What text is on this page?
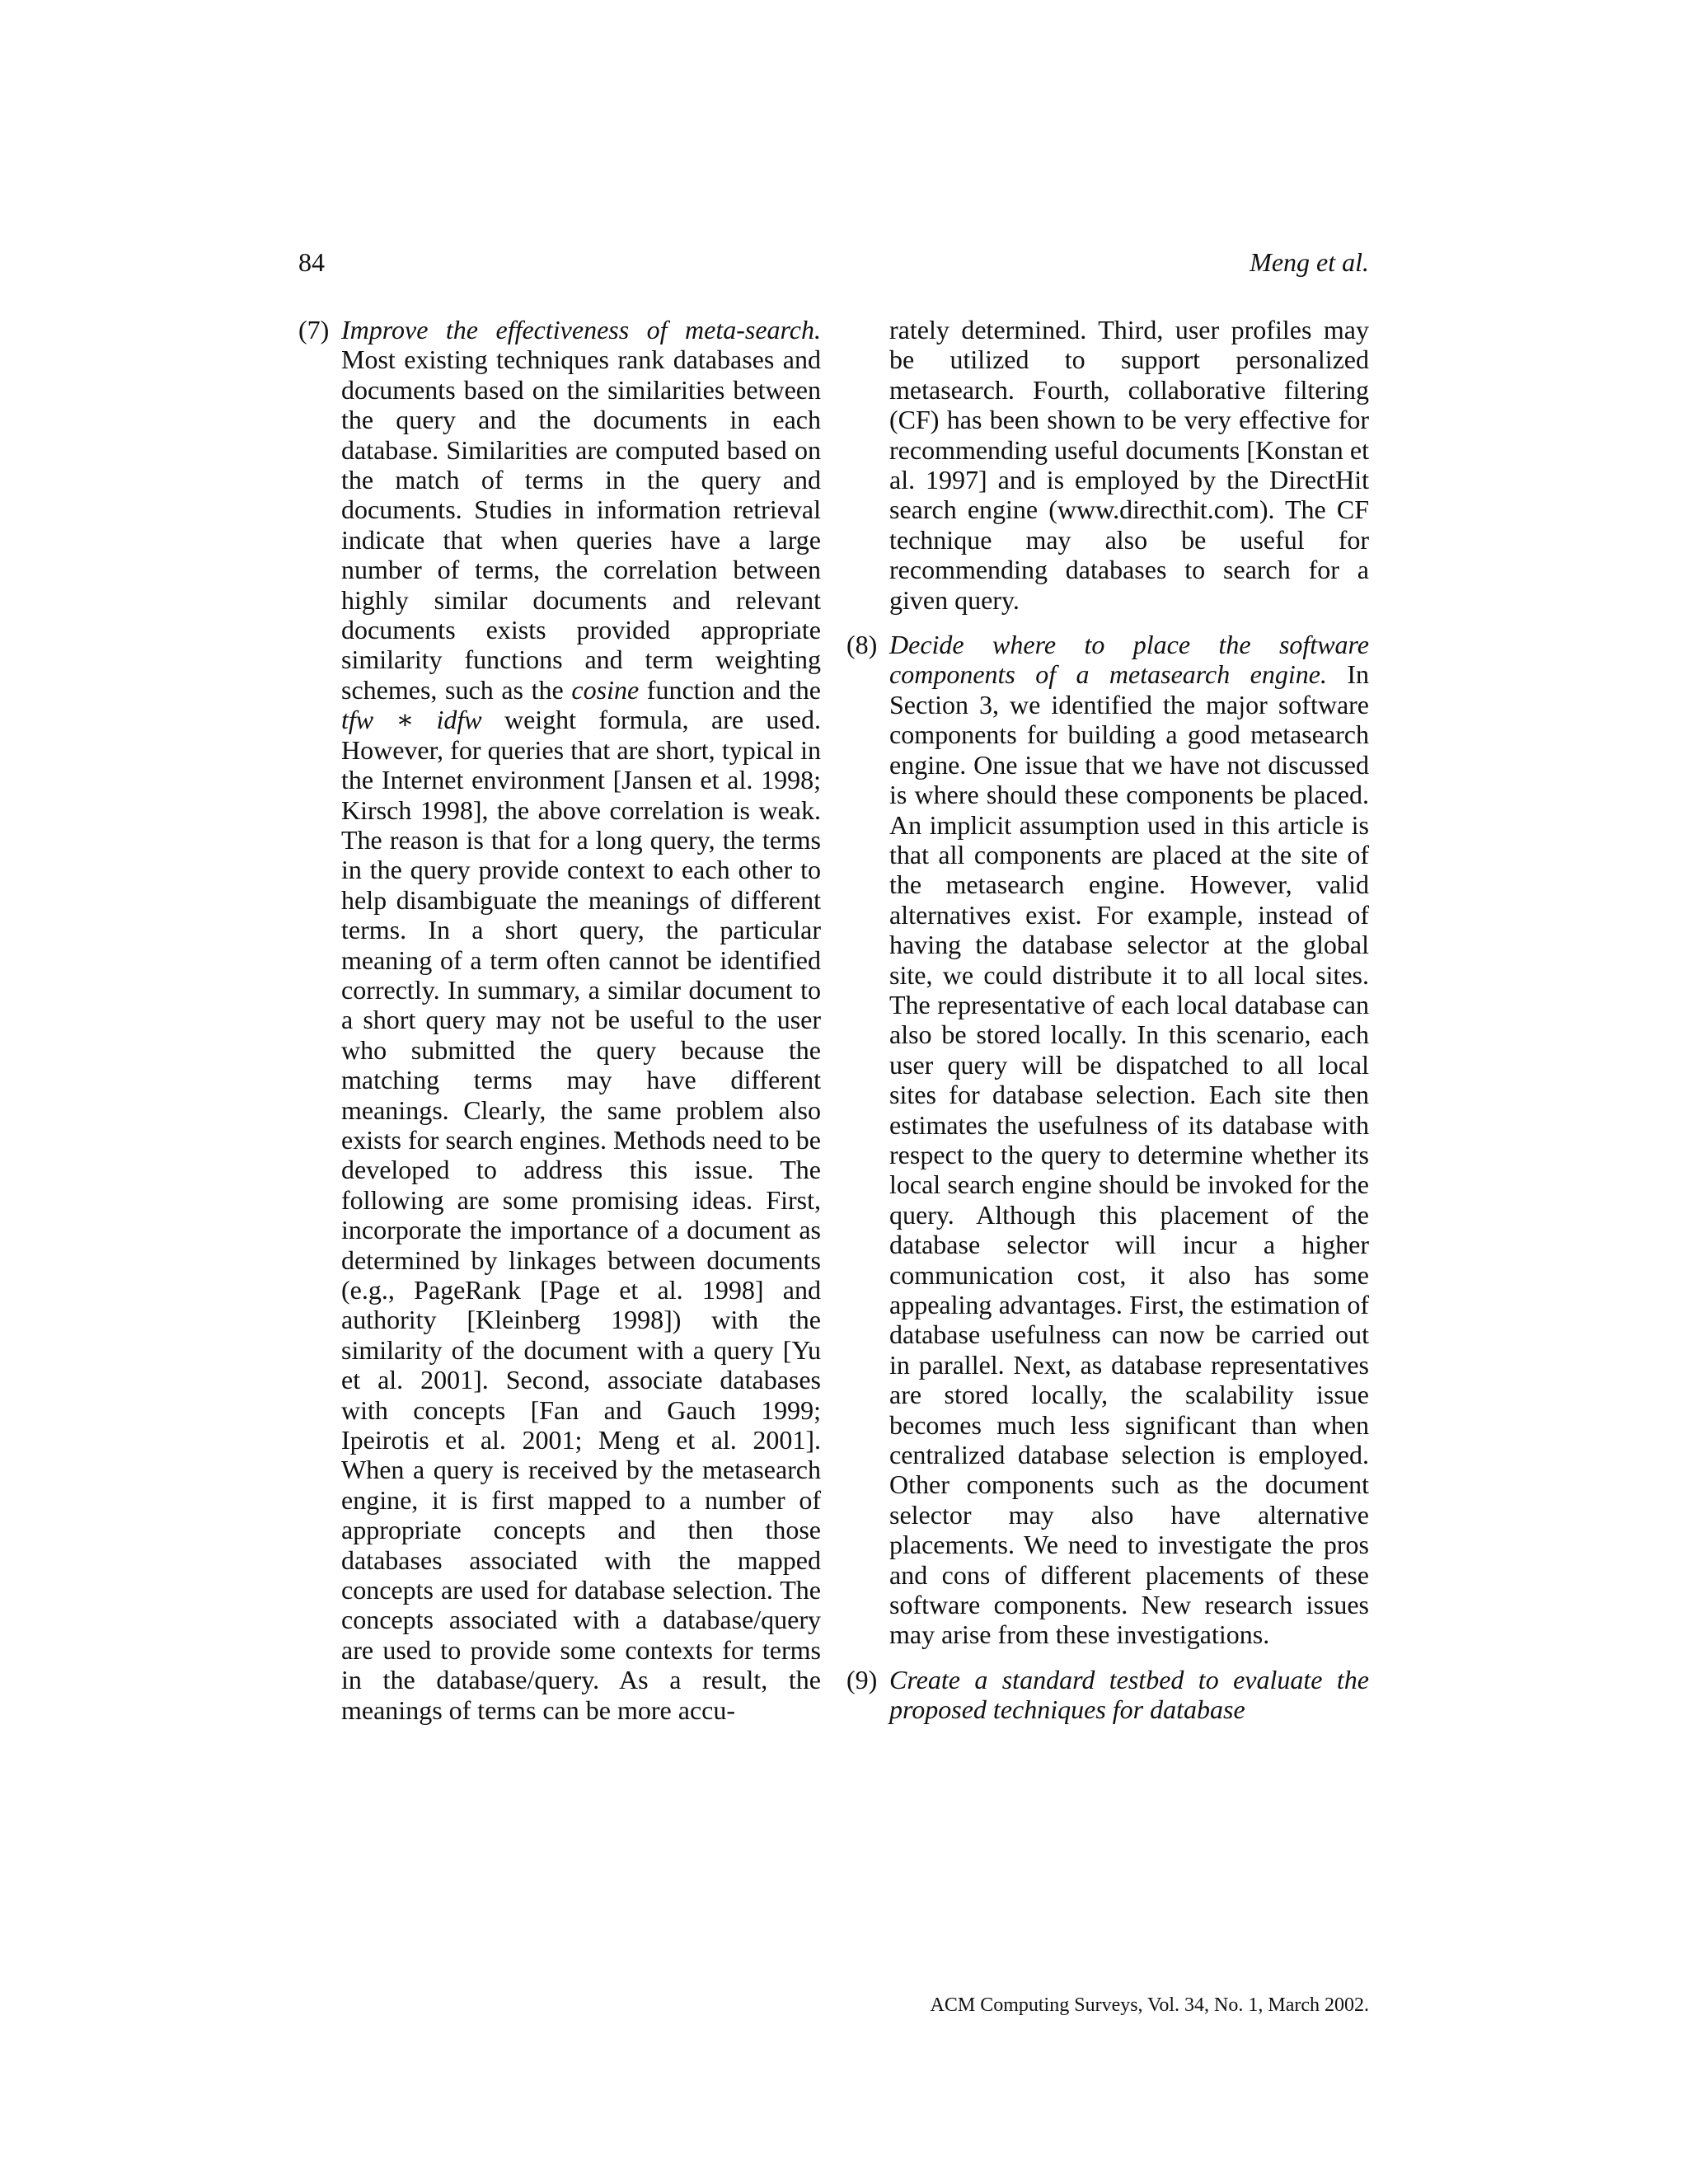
84	Meng et al.

(7) Improve the effectiveness of meta-search. Most existing techniques rank databases and documents based on the similarities between the query and the documents in each database. Similarities are computed based on the match of terms in the query and documents. Studies in information retrieval indicate that when queries have a large number of terms, the correlation between highly similar documents and relevant documents exists provided appropriate similarity functions and term weighting schemes, such as the cosine function and the tfw ∗ idfw weight formula, are used. However, for queries that are short, typical in the Internet environment [Jansen et al. 1998; Kirsch 1998], the above correlation is weak. The reason is that for a long query, the terms in the query provide context to each other to help disambiguate the meanings of different terms. In a short query, the particular meaning of a term often cannot be identified correctly. In summary, a similar document to a short query may not be useful to the user who submitted the query because the matching terms may have different meanings. Clearly, the same problem also exists for search engines. Methods need to be developed to address this issue. The following are some promising ideas. First, incorporate the importance of a document as determined by linkages between documents (e.g., PageRank [Page et al. 1998] and authority [Kleinberg 1998]) with the similarity of the document with a query [Yu et al. 2001]. Second, associate databases with concepts [Fan and Gauch 1999; Ipeirotis et al. 2001; Meng et al. 2001]. When a query is received by the metasearch engine, it is first mapped to a number of appropriate concepts and then those databases associated with the mapped concepts are used for database selection. The concepts associated with a database/query are used to provide some contexts for terms in the database/query. As a result, the meanings of terms can be more accu-

rately determined. Third, user profiles may be utilized to support personalized metasearch. Fourth, collaborative filtering (CF) has been shown to be very effective for recommending useful documents [Konstan et al. 1997] and is employed by the DirectHit search engine (www.directhit.com). The CF technique may also be useful for recommending databases to search for a given query.

(8) Decide where to place the software components of a metasearch engine. In Section 3, we identified the major software components for building a good metasearch engine. One issue that we have not discussed is where should these components be placed. An implicit assumption used in this article is that all components are placed at the site of the metasearch engine. However, valid alternatives exist. For example, instead of having the database selector at the global site, we could distribute it to all local sites. The representative of each local database can also be stored locally. In this scenario, each user query will be dispatched to all local sites for database selection. Each site then estimates the usefulness of its database with respect to the query to determine whether its local search engine should be invoked for the query. Although this placement of the database selector will incur a higher communication cost, it also has some appealing advantages. First, the estimation of database usefulness can now be carried out in parallel. Next, as database representatives are stored locally, the scalability issue becomes much less significant than when centralized database selection is employed. Other components such as the document selector may also have alternative placements. We need to investigate the pros and cons of different placements of these software components. New research issues may arise from these investigations.

(9) Create a standard testbed to evaluate the proposed techniques for database

ACM Computing Surveys, Vol. 34, No. 1, March 2002.
